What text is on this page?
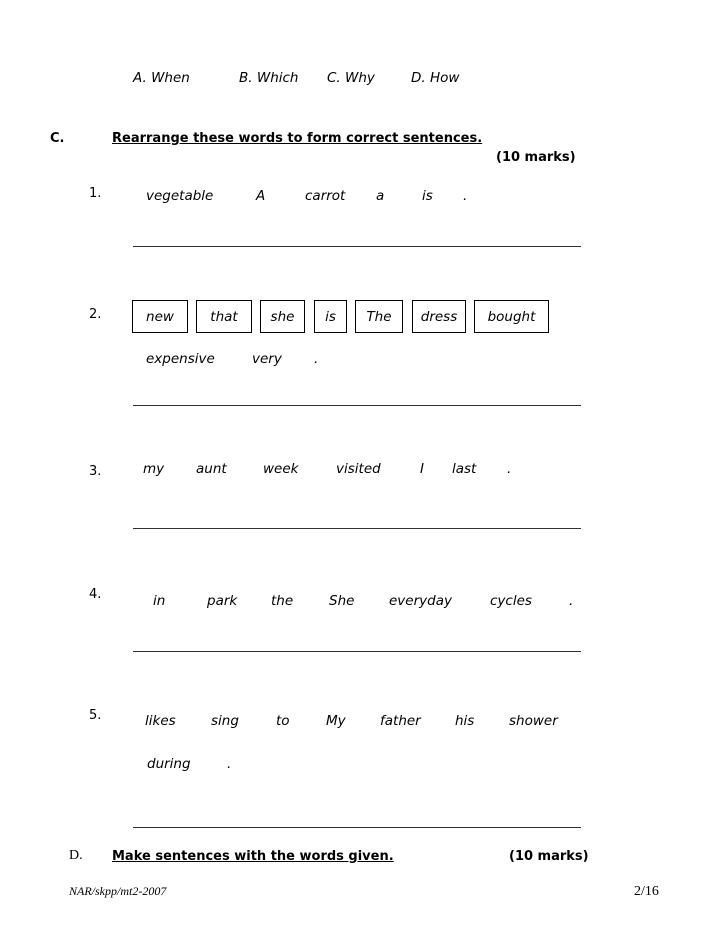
A. When	B. Which C. Why	D. How
C.	Rearrange these words to form correct sentences.
(10 marks)
1.	vegetable	A	carrot a	is .
2.	new	that	she	is	The	dress	bought
expensive	very .
3.	my aunt	week	visited	I last .
4.	in	park	the	She	everyday	cycles	.
5.	likes	sing	to	My	father	his	shower
during	.
D. Make sentences with the words given.	(10 marks)
NAR/skpp/mt2-2007	2/16
